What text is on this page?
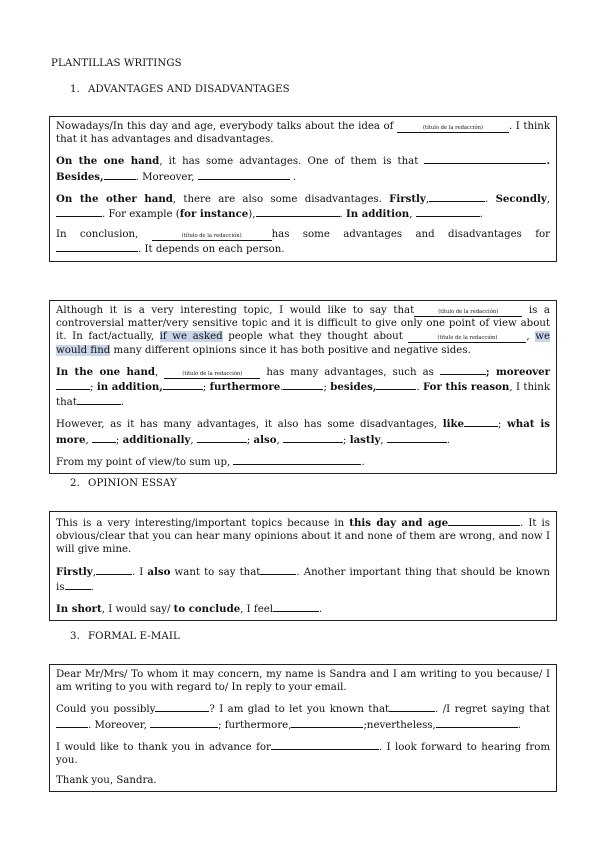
PLANTILLAS WRITINGS
1. ADVANTAGES AND DISADVANTAGES

Nowadays/In this day and age, everybody talks about the idea of	(título de la redacción)	. I think that it has advantages and disadvantages.

On the one hand, it has some advantages. One of them is that	. Besides,	. Moreover,	.

On the other hand, there are also some disadvantages. Firstly,	. Secondly,. For example (for instance),	. In addition,	.

In conclusion,	(título de la redacción)	has some advantages and disadvantages for . It depends on each person.

Although it is a very interesting topic, I would like to say that	(título de la redacción) is a controversial matter/very sensitive topic and it is difficult to give only one point of view about it. In fact/actually, if we asked people what they thought about	(título de la redacción)	, we would find many different opinions since it has both positive and negative sides.

In the one hand,	(título de la redacción) has many advantages, such as	; moreover; in addition,	; furthermore.	; besides,	. For this reason, I think that	.

However, as it has many advantages, it also has some disadvantages, like	; what is more, ; additionally,	; also,	; lastly,	.

From my point of view/to sum up,	.

2. OPINION ESSAY

This is a very interesting/important topics because in this day and age	. It is obvious/clear that you can hear many opinions about it and none of them are wrong, and now I will give mine.

Firstly,	. I also want to say that	. Another important thing that should be known is	.

In short, I would say/ to conclude, I feel	.

3. FORMAL E-MAIL

Dear Mr/Mrs/ To whom it may concern, my name is Sandra and I am writing to you because/ I am writing to you with regard to/ In reply to your email.

Could you possibly	? I am glad to let you known that	. /I regret saying that. Moreover,	; furthermore,	;nevertheless,	.

I would like to thank you in advance for	. I look forward to hearing from you.

Thank you, Sandra.
